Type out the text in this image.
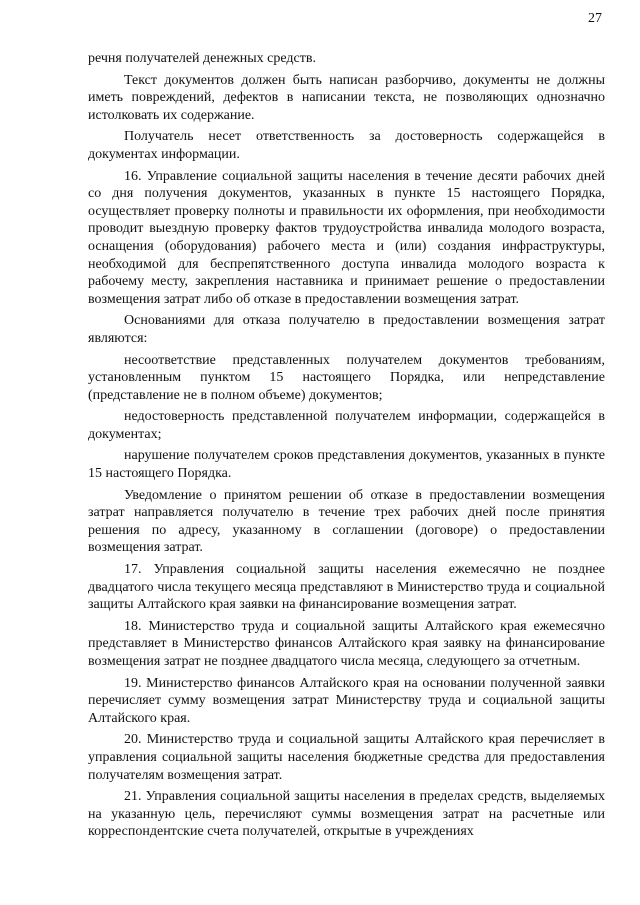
27

речня получателей денежных средств.

Текст документов должен быть написан разборчиво, документы не должны иметь повреждений, дефектов в написании текста, не позволяющих однозначно истолковать их содержание.

Получатель несет ответственность за достоверность содержащейся в документах информации.

16. Управление социальной защиты населения в течение десяти рабочих дней со дня получения документов, указанных в пункте 15 настоящего Порядка, осуществляет проверку полноты и правильности их оформления, при необходимости проводит выездную проверку фактов трудоустройства инвалида молодого возраста, оснащения (оборудования) рабочего места и (или) создания инфраструктуры, необходимой для беспрепятственного доступа инвалида молодого возраста к рабочему месту, закрепления наставника и принимает решение о предоставлении возмещения затрат либо об отказе в предоставлении возмещения затрат.

Основаниями для отказа получателю в предоставлении возмещения затрат являются:

несоответствие представленных получателем документов требованиям, установленным пунктом 15 настоящего Порядка, или непредставление (представление не в полном объеме) документов;

недостоверность представленной получателем информации, содержащейся в документах;

нарушение получателем сроков представления документов, указанных в пункте 15 настоящего Порядка.

Уведомление о принятом решении об отказе в предоставлении возмещения затрат направляется получателю в течение трех рабочих дней после принятия решения по адресу, указанному в соглашении (договоре) о предоставлении возмещения затрат.

17. Управления социальной защиты населения ежемесячно не позднее двадцатого числа текущего месяца представляют в Министерство труда и социальной защиты Алтайского края заявки на финансирование возмещения затрат.

18. Министерство труда и социальной защиты Алтайского края ежемесячно представляет в Министерство финансов Алтайского края заявку на финансирование возмещения затрат не позднее двадцатого числа месяца, следующего за отчетным.

19. Министерство финансов Алтайского края на основании полученной заявки перечисляет сумму возмещения затрат Министерству труда и социальной защиты Алтайского края.

20. Министерство труда и социальной защиты Алтайского края перечисляет в управления социальной защиты населения бюджетные средства для предоставления получателям возмещения затрат.

21. Управления социальной защиты населения в пределах средств, выделяемых на указанную цель, перечисляют суммы возмещения затрат на расчетные или корреспондентские счета получателей, открытые в учреждениях
